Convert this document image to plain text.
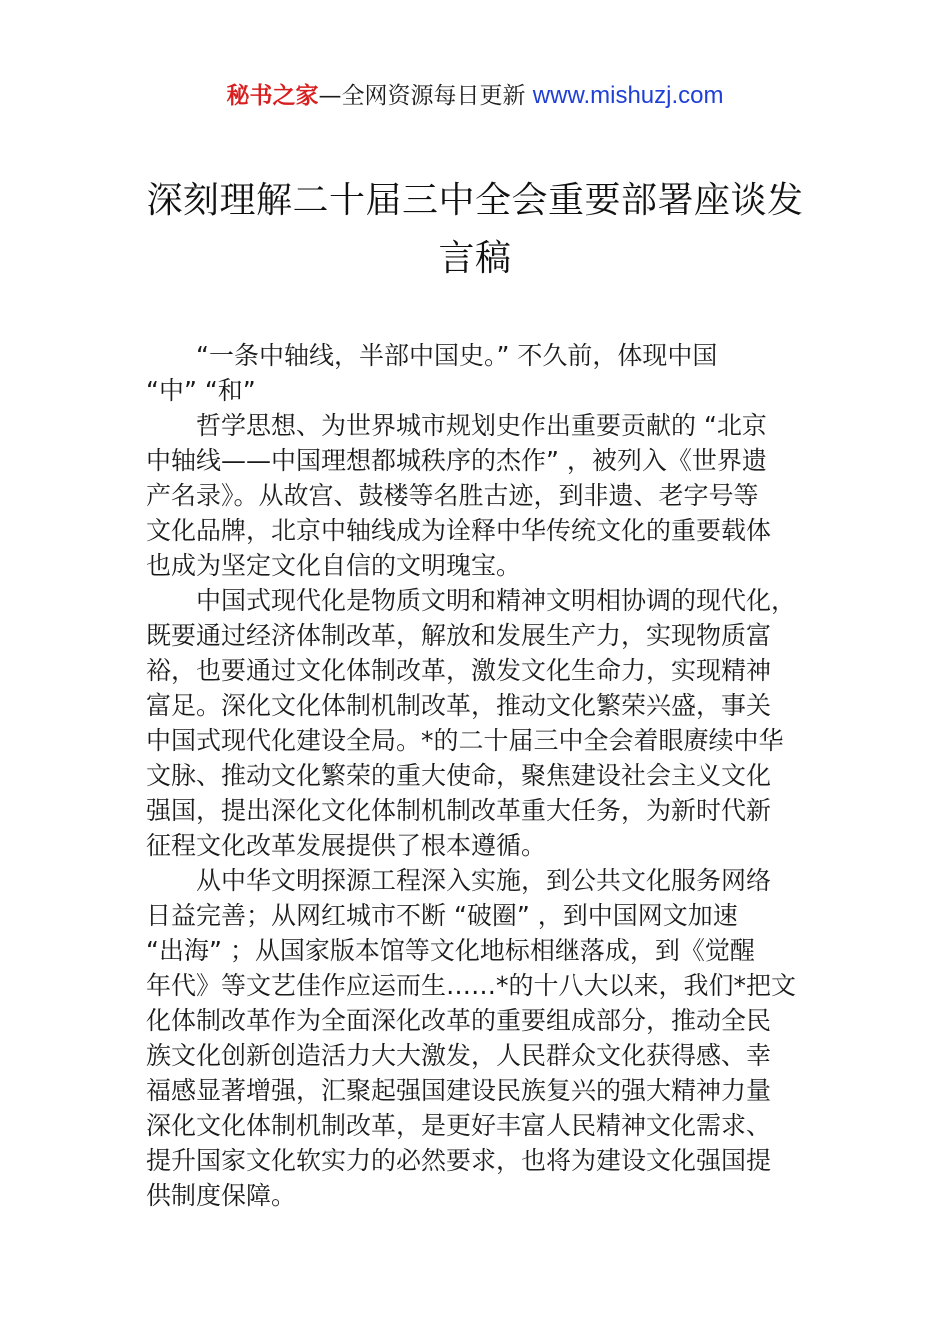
秘书之家—全网资源每日更新 www.mishuzj.com
深刻理解二十届三中全会重要部署座谈发
言稿
“一条中轴线，半部中国史。” 不久前，体现中国
“中” “和”
哲学思想、为世界城市规划史作出重要贡献的 “北京
中轴线——中国理想都城秩序的杰作” ，被列入《世界遗
产名录》。从故宫、鼓楼等名胜古迹，到非遗、老字号等
文化品牌，北京中轴线成为诠释中华传统文化的重要载体
也成为坚定文化自信的文明瑰宝。
中国式现代化是物质文明和精神文明相协调的现代化，
既要通过经济体制改革，解放和发展生产力，实现物质富
裕，也要通过文化体制改革，激发文化生命力，实现精神
富足。深化文化体制机制改革，推动文化繁荣兴盛，事关
中国式现代化建设全局。*的二十届三中全会着眼赓续中华
文脉、推动文化繁荣的重大使命，聚焦建设社会主义文化
强国，提出深化文化体制机制改革重大任务，为新时代新
征程文化改革发展提供了根本遵循。
从中华文明探源工程深入实施，到公共文化服务网络
日益完善；从网红城市不断 “破圈” ，到中国网文加速
“出海” ；从国家版本馆等文化地标相继落成，到《觉醒
年代》等文艺佳作应运而生……*的十八大以来，我们*把文
化体制改革作为全面深化改革的重要组成部分，推动全民
族文化创新创造活力大大激发，人民群众文化获得感、幸
福感显著增强，汇聚起强国建设民族复兴的强大精神力量
深化文化体制机制改革，是更好丰富人民精神文化需求、
提升国家文化软实力的必然要求，也将为建设文化强国提
供制度保障。
